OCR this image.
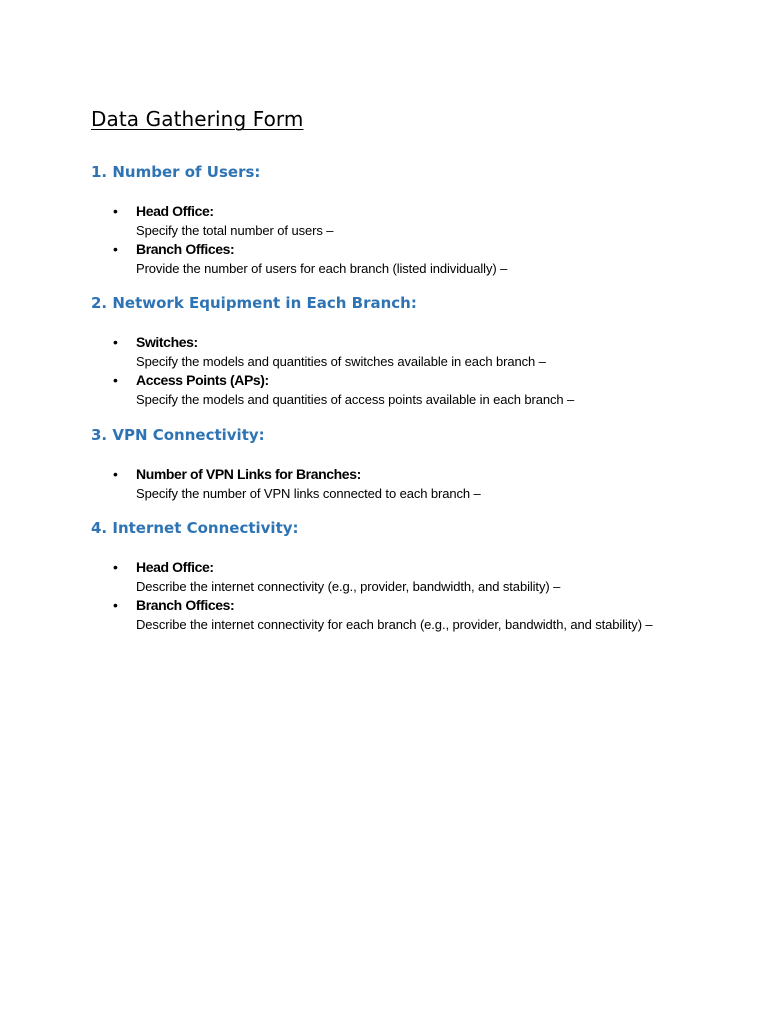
Data Gathering Form
1. Number of Users:
• Head Office:
Specify the total number of users –
• Branch Offices:
Provide the number of users for each branch (listed individually) –
2. Network Equipment in Each Branch:
• Switches:
Specify the models and quantities of switches available in each branch –
• Access Points (APs):
Specify the models and quantities of access points available in each branch –
3. VPN Connectivity:
• Number of VPN Links for Branches:
Specify the number of VPN links connected to each branch –
4. Internet Connectivity:
• Head Office:
Describe the internet connectivity (e.g., provider, bandwidth, and stability) –
• Branch Offices:
Describe the internet connectivity for each branch (e.g., provider, bandwidth, and stability) –
